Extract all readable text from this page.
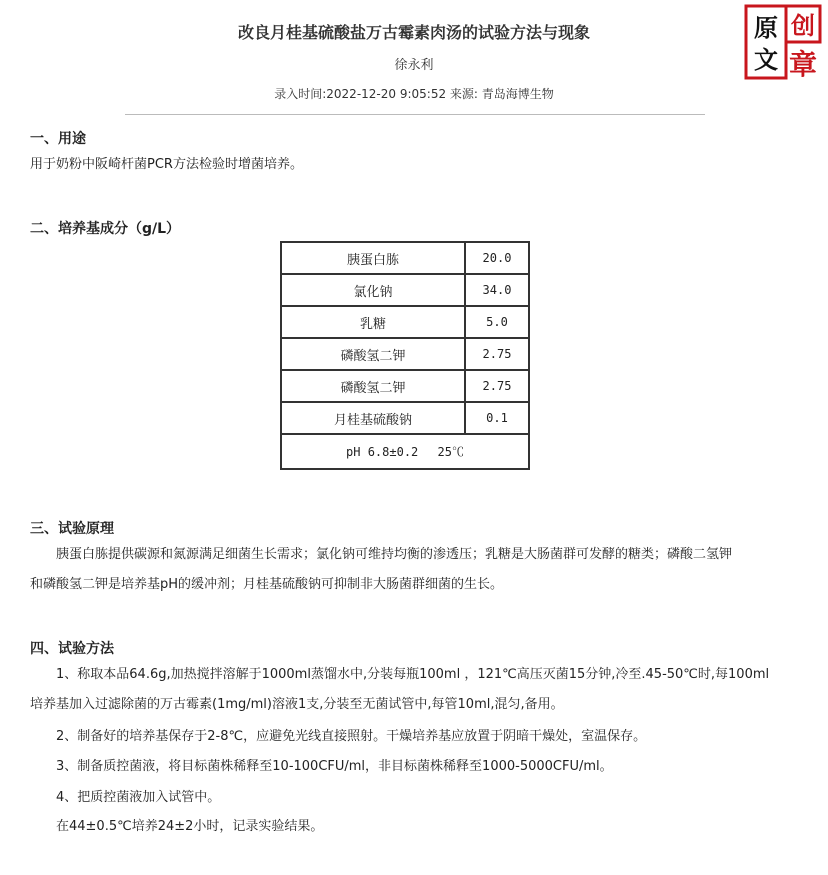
改良月桂基硫酸盐万古霉素肉汤的试验方法与现象
徐永利
录入时间:2022-12-20 9:05:52 来源: 青岛海博生物
原 创
文 章
一、用途
用于奶粉中阪崎杆菌PCR方法检验时增菌培养。
二、培养基成分（g/L）
胰蛋白胨	20.0
氯化钠	34.0
乳糖	5.0
磷酸氢二钾	2.75
磷酸氢二钾	2.75
月桂基硫酸钠	0.1
pH 6.8±0.2　 25℃	
三、试验原理
　　胰蛋白胨提供碳源和氮源满足细菌生长需求；氯化钠可维持均衡的渗透压；乳糖是大肠菌群可发酵的糖类；磷酸二氢钾
和磷酸氢二钾是培养基pH的缓冲剂；月桂基硫酸钠可抑制非大肠菌群细菌的生长。
四、试验方法
　　1、称取本品64.6g,加热搅拌溶解于1000ml蒸馏水中,分装每瓶100ml ，121℃高压灭菌15分钟,冷至.45-50℃时,每100ml
培养基加入过滤除菌的万古霉素(1mg/ml)溶液1支,分装至无菌试管中,每管10ml,混匀,备用。
　　2、制备好的培养基保存于2-8℃，应避免光线直接照射。干燥培养基应放置于阴暗干燥处，室温保存。
　　3、制备质控菌液，将目标菌株稀释至10-100CFU/ml，非目标菌株稀释至1000-5000CFU/ml。
　　4、把质控菌液加入试管中。
　　在44±0.5℃培养24±2小时，记录实验结果。
